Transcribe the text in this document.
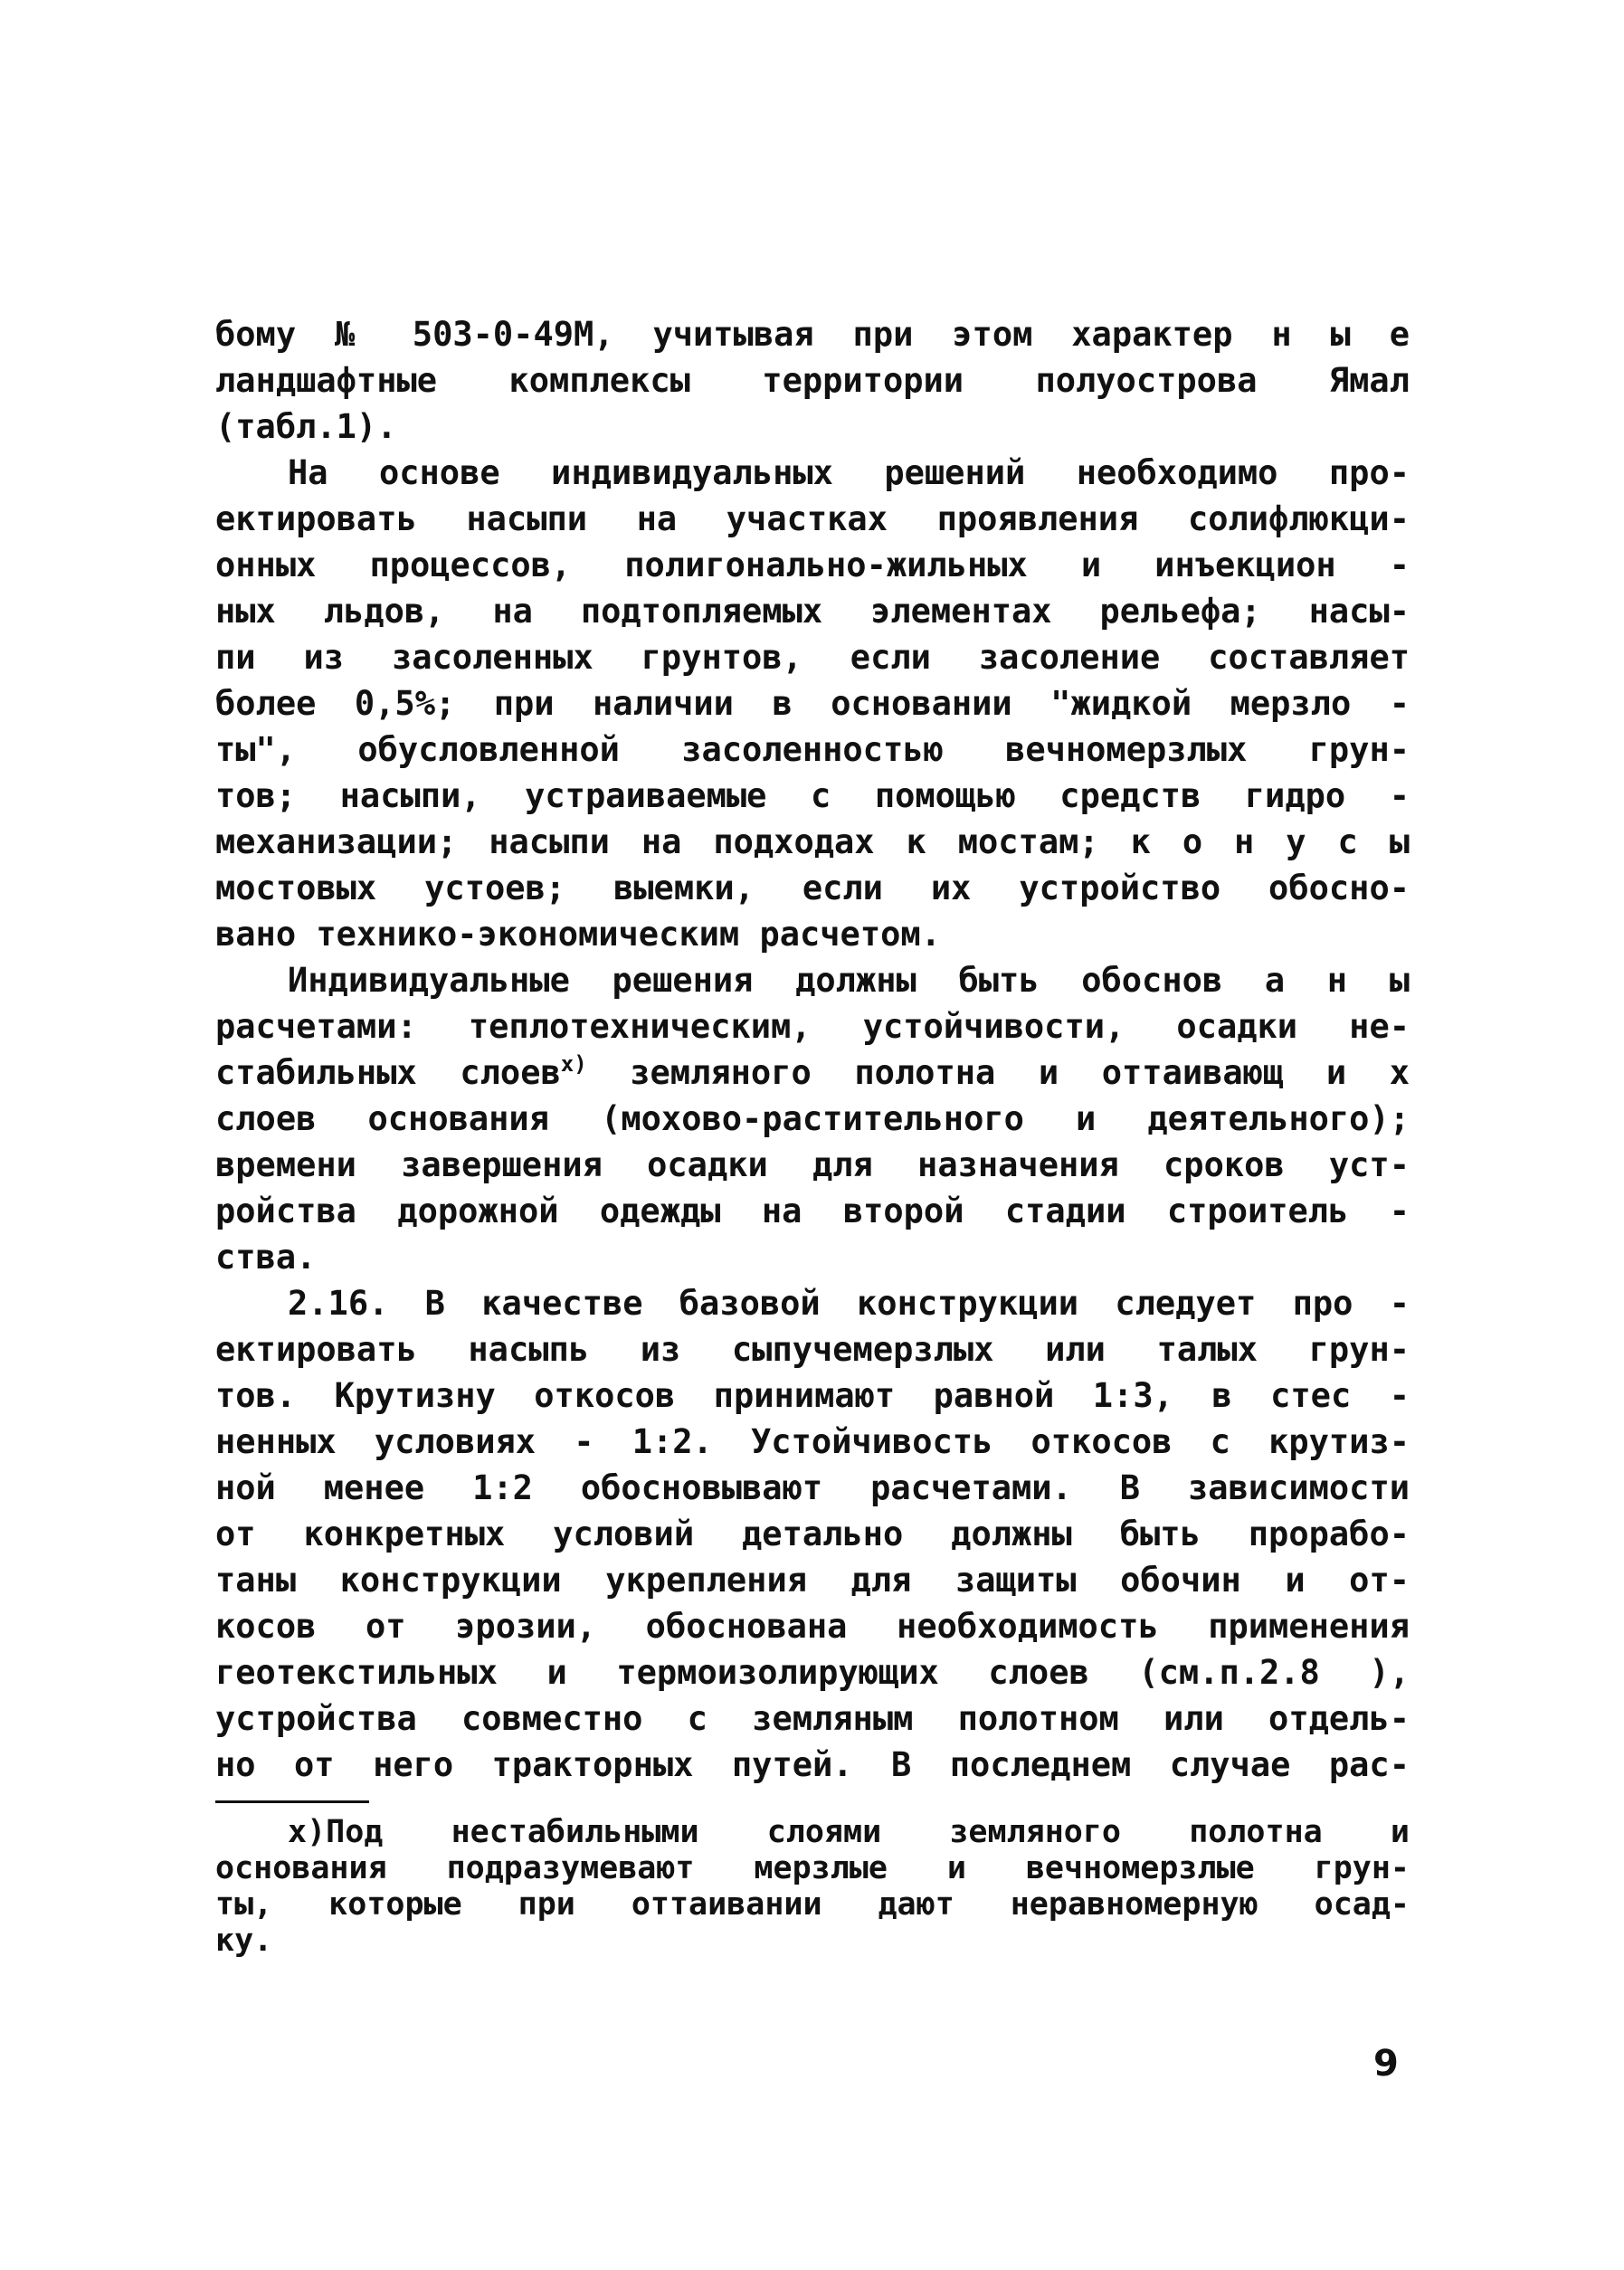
бому № 503-0-49М, учитывая при этом характер н ы е
ландшафтные комплексы территории полуострова Ямал
(табл.1).
На основе индивидуальных решений необходимо про-
ектировать насыпи на участках проявления солифлюкци-
онных процессов, полигонально-жильных и инъекцион -
ных льдов, на подтопляемых элементах рельефа; насы-
пи из засоленных грунтов, если засоление составляет
более 0,5%; при наличии в основании "жидкой мерзло -
ты", обусловленной засоленностью вечномерзлых грун-
тов; насыпи, устраиваемые с помощью средств гидро -
механизации; насыпи на подходах к мостам; к о н у с ы
мостовых устоев; выемки, если их устройство обосно-
вано технико-экономическим расчетом.
Индивидуальные решения должны быть обоснов а н ы
расчетами: теплотехническим, устойчивости, осадки не-
стабильных слоев$^{х)}$ земляного полотна и оттаивающ и х
слоев основания (мохово-растительного и деятельного);
времени завершения осадки для назначения сроков уст-
ройства дорожной одежды на второй стадии строитель -
ства.
2.16. В качестве базовой конструкции следует про -
ектировать насыпь из сыпучемерзлых или талых грун-
тов. Крутизну откосов принимают равной 1:3, в стес -
ненных условиях - 1:2. Устойчивость откосов с крутиз-
ной менее 1:2 обосновывают расчетами. В зависимости
от конкретных условий детально должны быть прорабо-
таны конструкции укрепления для защиты обочин и от-
косов от эрозии, обоснована необходимость применения
геотекстильных и термоизолирующих слоев (см.п.2.8 ),
устройства совместно с земляным полотном или отдель-
но от него тракторных путей. В последнем случае рас-
х)Под нестабильными слоями земляного полотна и
основания подразумевают мерзлые и вечномерзлые грун-
ты, которые при оттаивании дают неравномерную осад-
ку.
9
